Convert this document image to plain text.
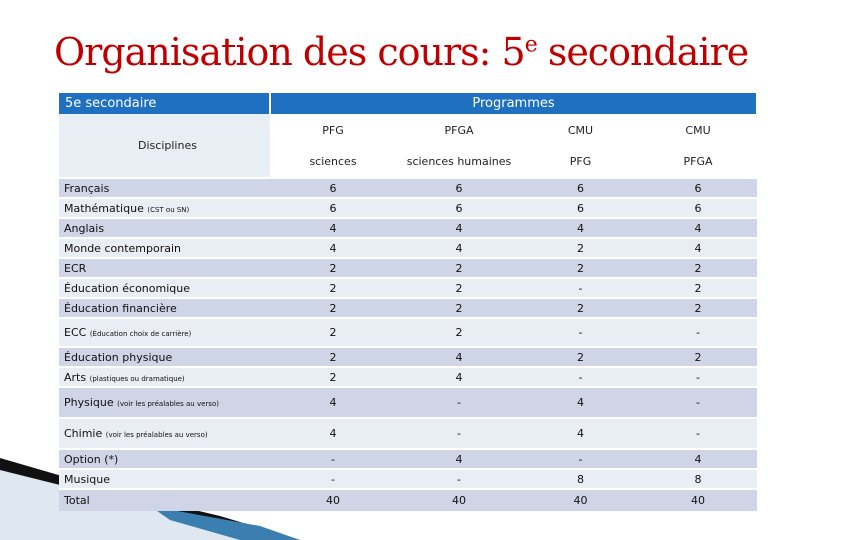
Organisation des cours: 5e secondaire
5e secondaire	Programmes			
Disciplines	PFG	PFGA	CMU	CMU
	sciences	sciences humaines	PFG	PFGA
Français	6	6	6	6
Mathématique (CST ou SN)	6	6	6	6
Anglais	4	4	4	4
Monde contemporain	4	4	2	4
ECR	2	2	2	2
Éducation économique	2	2	-	2
Éducation financière	2	2	2	2
ECC (Éducation choix de carrière)	2	2	-	-
Éducation physique	2	4	2	2
Arts (plastiques ou dramatique)	2	4	-	-
Physique (voir les préalables au verso)	4	-	4	-
Chimie (voir les préalables au verso)	4	-	4	-
Option (*)	-	4	-	4
Musique	-	-	8	8
Total	40	40	40	40
